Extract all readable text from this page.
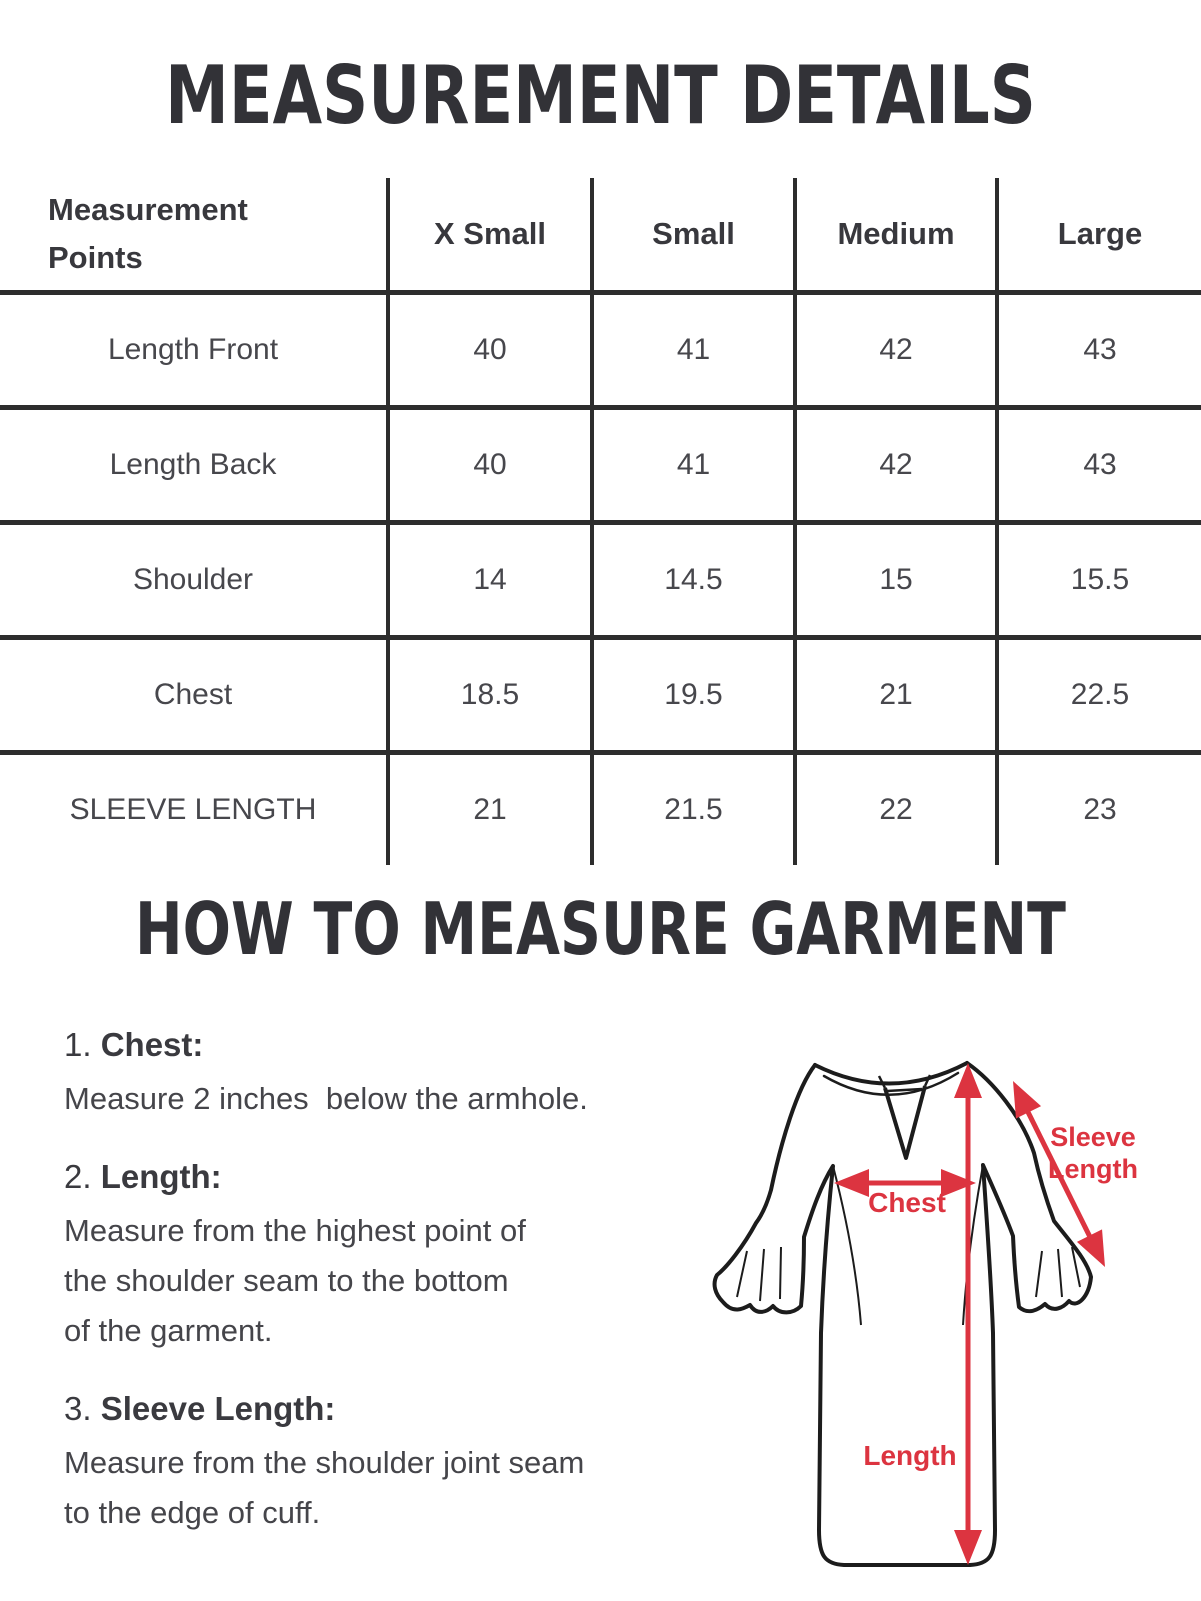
MEASUREMENT DETAILS
Measurement
Points	X Small	Small	Medium	Large
Length Front	40	41	42	43
Length Back	40	41	42	43
Shoulder	14	14.5	15	15.5
Chest	18.5	19.5	21	22.5
SLEEVE LENGTH	21	21.5	22	23
HOW TO MEASURE GARMENT
1. Chest:
Measure 2 inches  below the armhole.
2. Length:
Measure from the highest point of
the shoulder seam to the bottom
of the garment.
3. Sleeve Length:
Measure from the shoulder joint seam
to the edge of cuff.
Chest
Sleeve
Length
Length
